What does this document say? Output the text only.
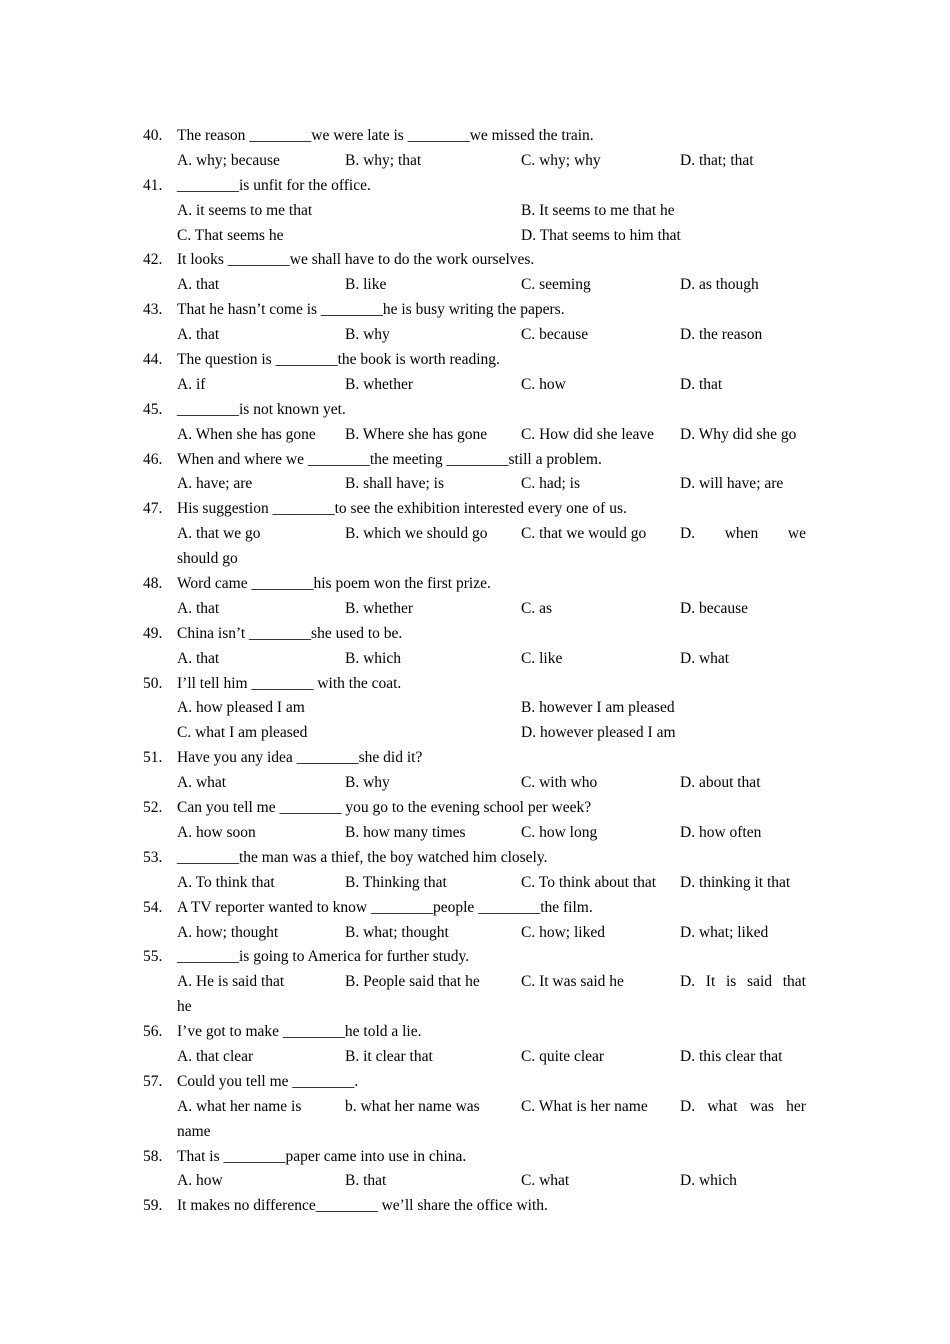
40. The reason ________we were late is ________we missed the train.
A. why; because	B. why; that	C. why; why	D. that; that
41. ________is unfit for the office.
A. it seems to me that	B. It seems to me that he
C. That seems he	D. That seems to him that
42. It looks ________we shall have to do the work ourselves.
A. that	B. like	C. seeming	D. as though
43. That he hasn’t come is ________he is busy writing the papers.
A. that	B. why	C. because	D. the reason
44. The question is ________the book is worth reading.
A. if	B. whether	C. how	D. that
45. ________is not known yet.
A. When she has gone B. Where she has gone C. How did she leave D. Why did she go
46. When and where we ________the meeting ________still a problem.
A. have; are	B. shall have; is	C. had; is	D. will have; are
47. His suggestion ________to see the exhibition interested every one of us.
A. that we go	B. which we should go C. that we would go D. when we
should go
48. Word came ________his poem won the first prize.
A. that	B. whether	C. as	D. because
49. China isn’t ________she used to be.
A. that	B. which	C. like	D. what
50. I’ll tell him ________ with the coat.
A. how pleased I am	B. however I am pleased
C. what I am pleased	D. however pleased I am
51. Have you any idea ________she did it?
A. what	B. why	C. with who	D. about that
52. Can you tell me ________ you go to the evening school per week?
A. how soon	B. how many times	C. how long	D. how often
53. ________the man was a thief, the boy watched him closely.
A. To think that	B. Thinking that	C. To think about that D. thinking it that
54. A TV reporter wanted to know ________people ________the film.
A. how; thought	B. what; thought	C. how; liked	D. what; liked
55. ________is going to America for further study.
A. He is said that	B. People said that he	C. It was said he	D. It is said that
he
56. I’ve got to make ________he told a lie.
A. that clear	B. it clear that	C. quite clear	D. this clear that
57. Could you tell me ________.
A. what her name is	b. what her name was	C. What is her name D. what was her
name
58. That is ________paper came into use in china.
A. how	B. that	C. what	D. which
59. It makes no difference________ we’ll share the office with.
